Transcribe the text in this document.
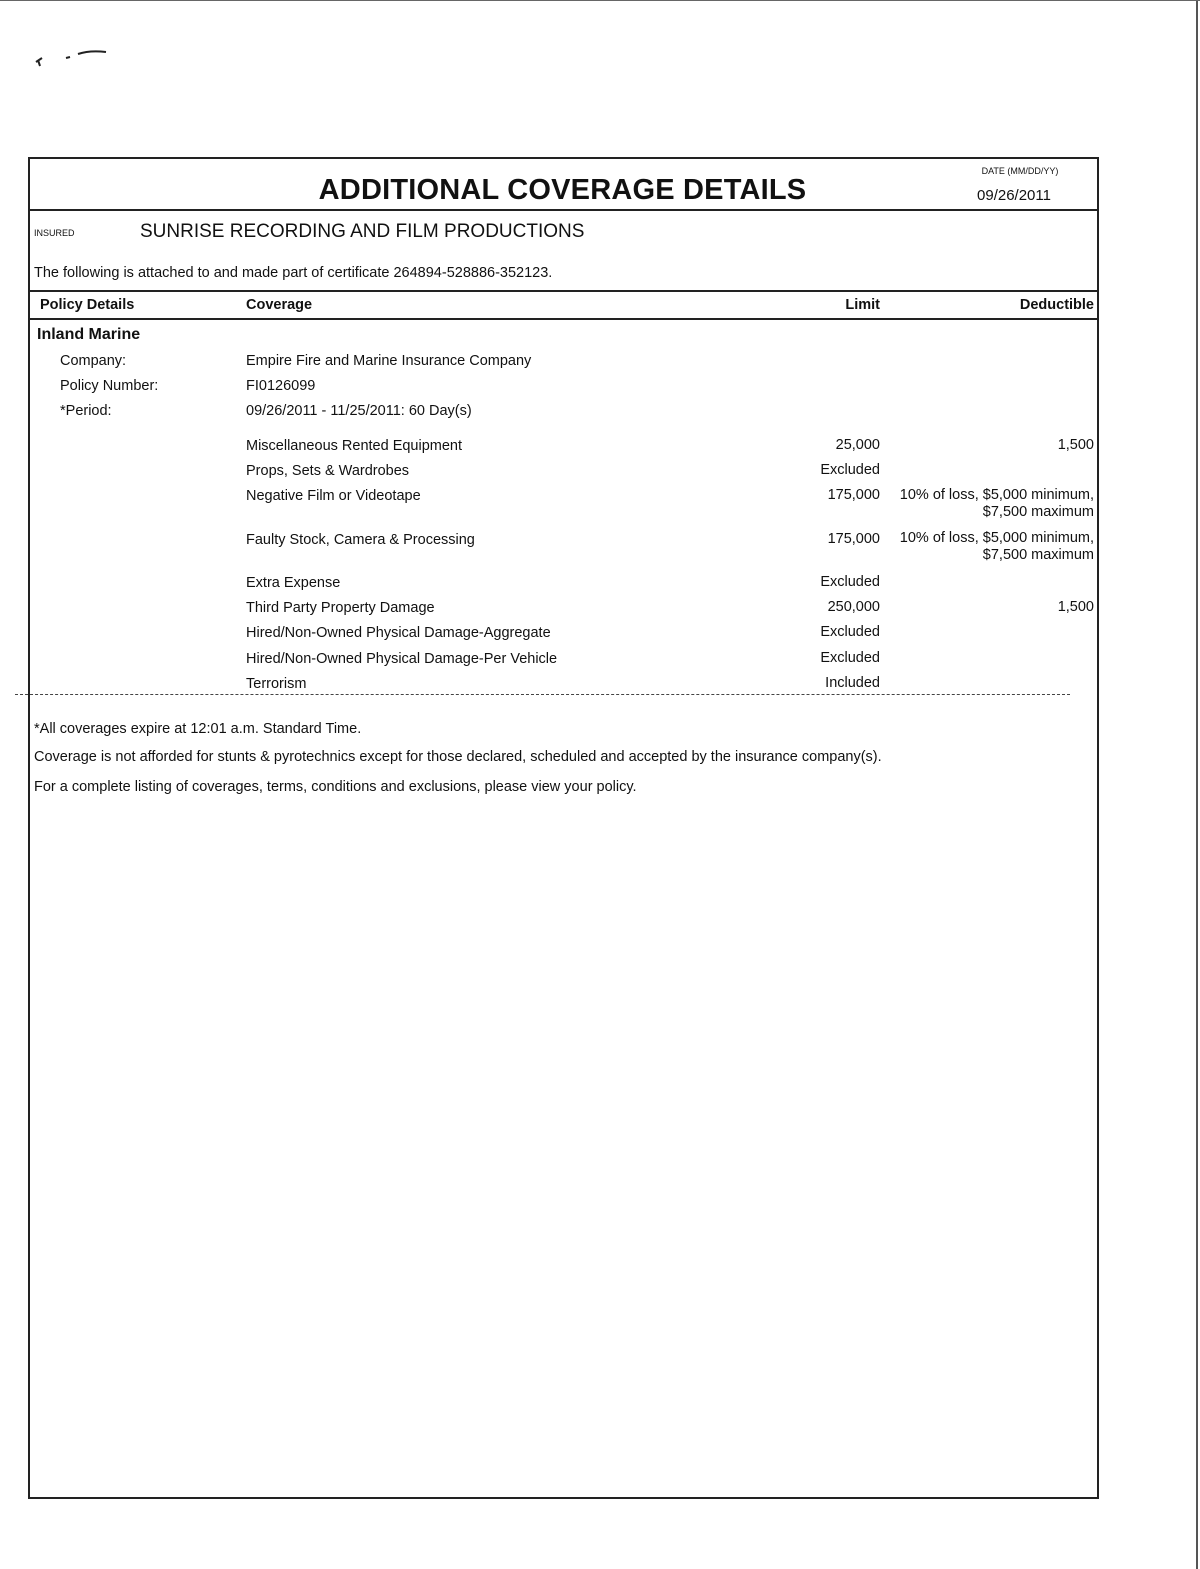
ADDITIONAL COVERAGE DETAILS
DATE (MM/DD/YY)
09/26/2011
INSURED	SUNRISE RECORDING AND FILM PRODUCTIONS
The following is attached to and made part of certificate 264894-528886-352123.
Policy Details	Coverage	Limit	Deductible
Inland Marine
Company:	Empire Fire and Marine Insurance Company
Policy Number:	FI0126099
*Period:	09/26/2011 - 11/25/2011: 60 Day(s)
Miscellaneous Rented Equipment	25,000	1,500
Props, Sets & Wardrobes	Excluded
Negative Film or Videotape	175,000	10% of loss, $5,000 minimum,
$7,500 maximum
Faulty Stock, Camera & Processing	175,000	10% of loss, $5,000 minimum,
$7,500 maximum
Extra Expense	Excluded
Third Party Property Damage	250,000	1,500
Hired/Non-Owned Physical Damage-Aggregate	Excluded
Hired/Non-Owned Physical Damage-Per Vehicle	Excluded
Terrorism	Included
*All coverages expire at 12:01 a.m. Standard Time.
Coverage is not afforded for stunts & pyrotechnics except for those declared, scheduled and accepted by the insurance company(s).
For a complete listing of coverages, terms, conditions and exclusions, please view your policy.
